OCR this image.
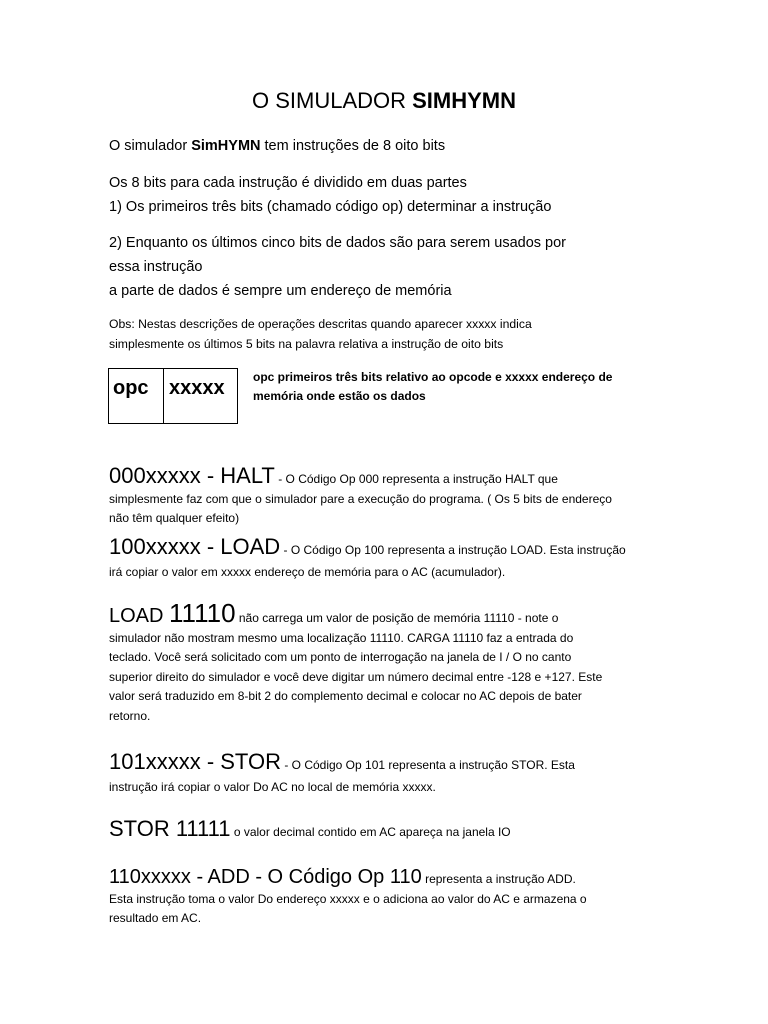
O SIMULADOR SIMHYMN
O simulador SimHYMN tem instruções de 8 oito bits
Os 8 bits para cada instrução é dividido em duas partes
1) Os primeiros três bits (chamado código op) determinar a instrução
2) Enquanto os últimos cinco bits de dados são para serem usados por
essa instrução
a parte de dados é sempre um endereço de memória
Obs: Nestas descrições de operações descritas quando aparecer xxxxx indica
simplesmente os últimos 5 bits na palavra relativa a instrução de oito bits
opc xxxxx opc primeiros três bits relativo ao opcode e xxxxx endereço de
memória onde estão os dados
000xxxxx - HALT - O Código Op 000 representa a instrução HALT que
simplesmente faz com que o simulador pare a execução do programa. ( Os 5 bits de endereço
não têm qualquer efeito)
100xxxxx - LOAD - O Código Op 100 representa a instrução LOAD. Esta instrução
irá copiar o valor em xxxxx endereço de memória para o AC (acumulador).
LOAD 11110 não carrega um valor de posição de memória 11110 - note o
simulador não mostram mesmo uma localização 11110. CARGA 11110 faz a entrada do
teclado. Você será solicitado com um ponto de interrogação na janela de I / O no canto
superior direito do simulador e você deve digitar um número decimal entre -128 e +127. Este
valor será traduzido em 8-bit 2 do complemento decimal e colocar no AC depois de bater
retorno.
101xxxxx - STOR - O Código Op 101 representa a instrução STOR. Esta
instrução irá copiar o valor Do AC no local de memória xxxxx.
STOR 11111 o valor decimal contido em AC apareça na janela IO
110xxxxx - ADD - O Código Op 110 representa a instrução ADD.
Esta instrução toma o valor Do endereço xxxxx e o adiciona ao valor do AC e armazena o
resultado em AC.
